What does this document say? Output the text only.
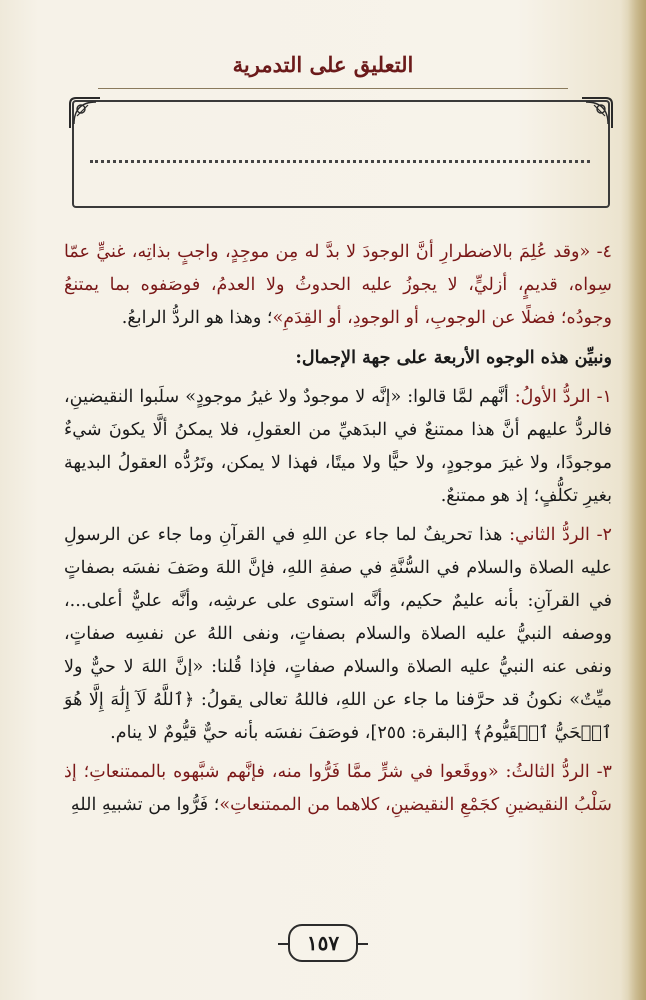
التعليق على التدمرية

٤- «وقد عُلِمَ بالاضطرارِ أنَّ الوجودَ لا بدَّ له مِن موجِدٍ، واجبٍ بذاتِه، غنيٍّ عمّا سِواه، قديمٍ، أزليٍّ، لا يجوزُ عليه الحدوثُ ولا العدمُ، فوصَفوه بما يمتنعُ وجودُه؛ فضلًا عن الوجوبِ، أو الوجودِ، أو القِدَمِ»؛ وهذا هو الردُّ الرابعُ.

ونبيِّن هذه الوجوه الأربعة على جهة الإجمال:

١- الردُّ الأولُ: أنَّهم لمَّا قالوا: «إنَّه لا موجودٌ ولا غيرُ موجودٍ» سلَبوا النقيضينِ، فالردُّ عليهم أنَّ هذا ممتنعٌ في البدَهيِّ من العقولِ، فلا يمكنُ ألَّا يكونَ شيءٌ موجودًا، ولا غيرَ موجودٍ، ولا حيًّا ولا ميتًا، فهذا لا يمكن، وتَرُدُّه العقولُ البديهة بغيرِ تكلُّفٍ؛ إذ هو ممتنعٌ.

٢- الردُّ الثاني: هذا تحريفٌ لما جاء عن اللهِ في القرآنِ وما جاء عن الرسولِ عليه الصلاة والسلام في السُّنَّةِ في صفةِ اللهِ، فإنَّ اللهَ وصَفَ نفسَه بصفاتٍ في القرآنِ: بأنه عليمٌ حكيم، وأنَّه استوى على عرشِه، وأنَّه عليٌّ أعلى...، ووصفه النبيُّ عليه الصلاة والسلام بصفاتٍ، ونفى اللهُ عن نفسِه صفاتٍ، ونفى عنه النبيُّ عليه الصلاة والسلام صفاتٍ، فإذا قُلنا: «إنَّ اللهَ لا حيٌّ ولا ميِّتٌ» نكونُ قد حرَّفنا ما جاء عن اللهِ، فاللهُ تعالى يقولُ: ﴿ٱللَّهُ لَآ إِلَٰهَ إِلَّا هُوَ ٱلۡحَيُّ ٱلۡقَيُّومُ﴾ [البقرة: ٢٥٥]، فوصَفَ نفسَه بأنه حيٌّ قيُّومٌ لا ينام.

٣- الردُّ الثالثُ: «ووقَعوا في شرٍّ ممَّا فَرُّوا منه، فإنَّهم شبَّهوه بالممتنعاتِ؛ إذ سَلْبُ النقيضينِ كجَمْعِ النقيضينِ، كلاهما من الممتنعاتِ»؛ فَرُّوا من تشبيهِ اللهِ

١٥٧
